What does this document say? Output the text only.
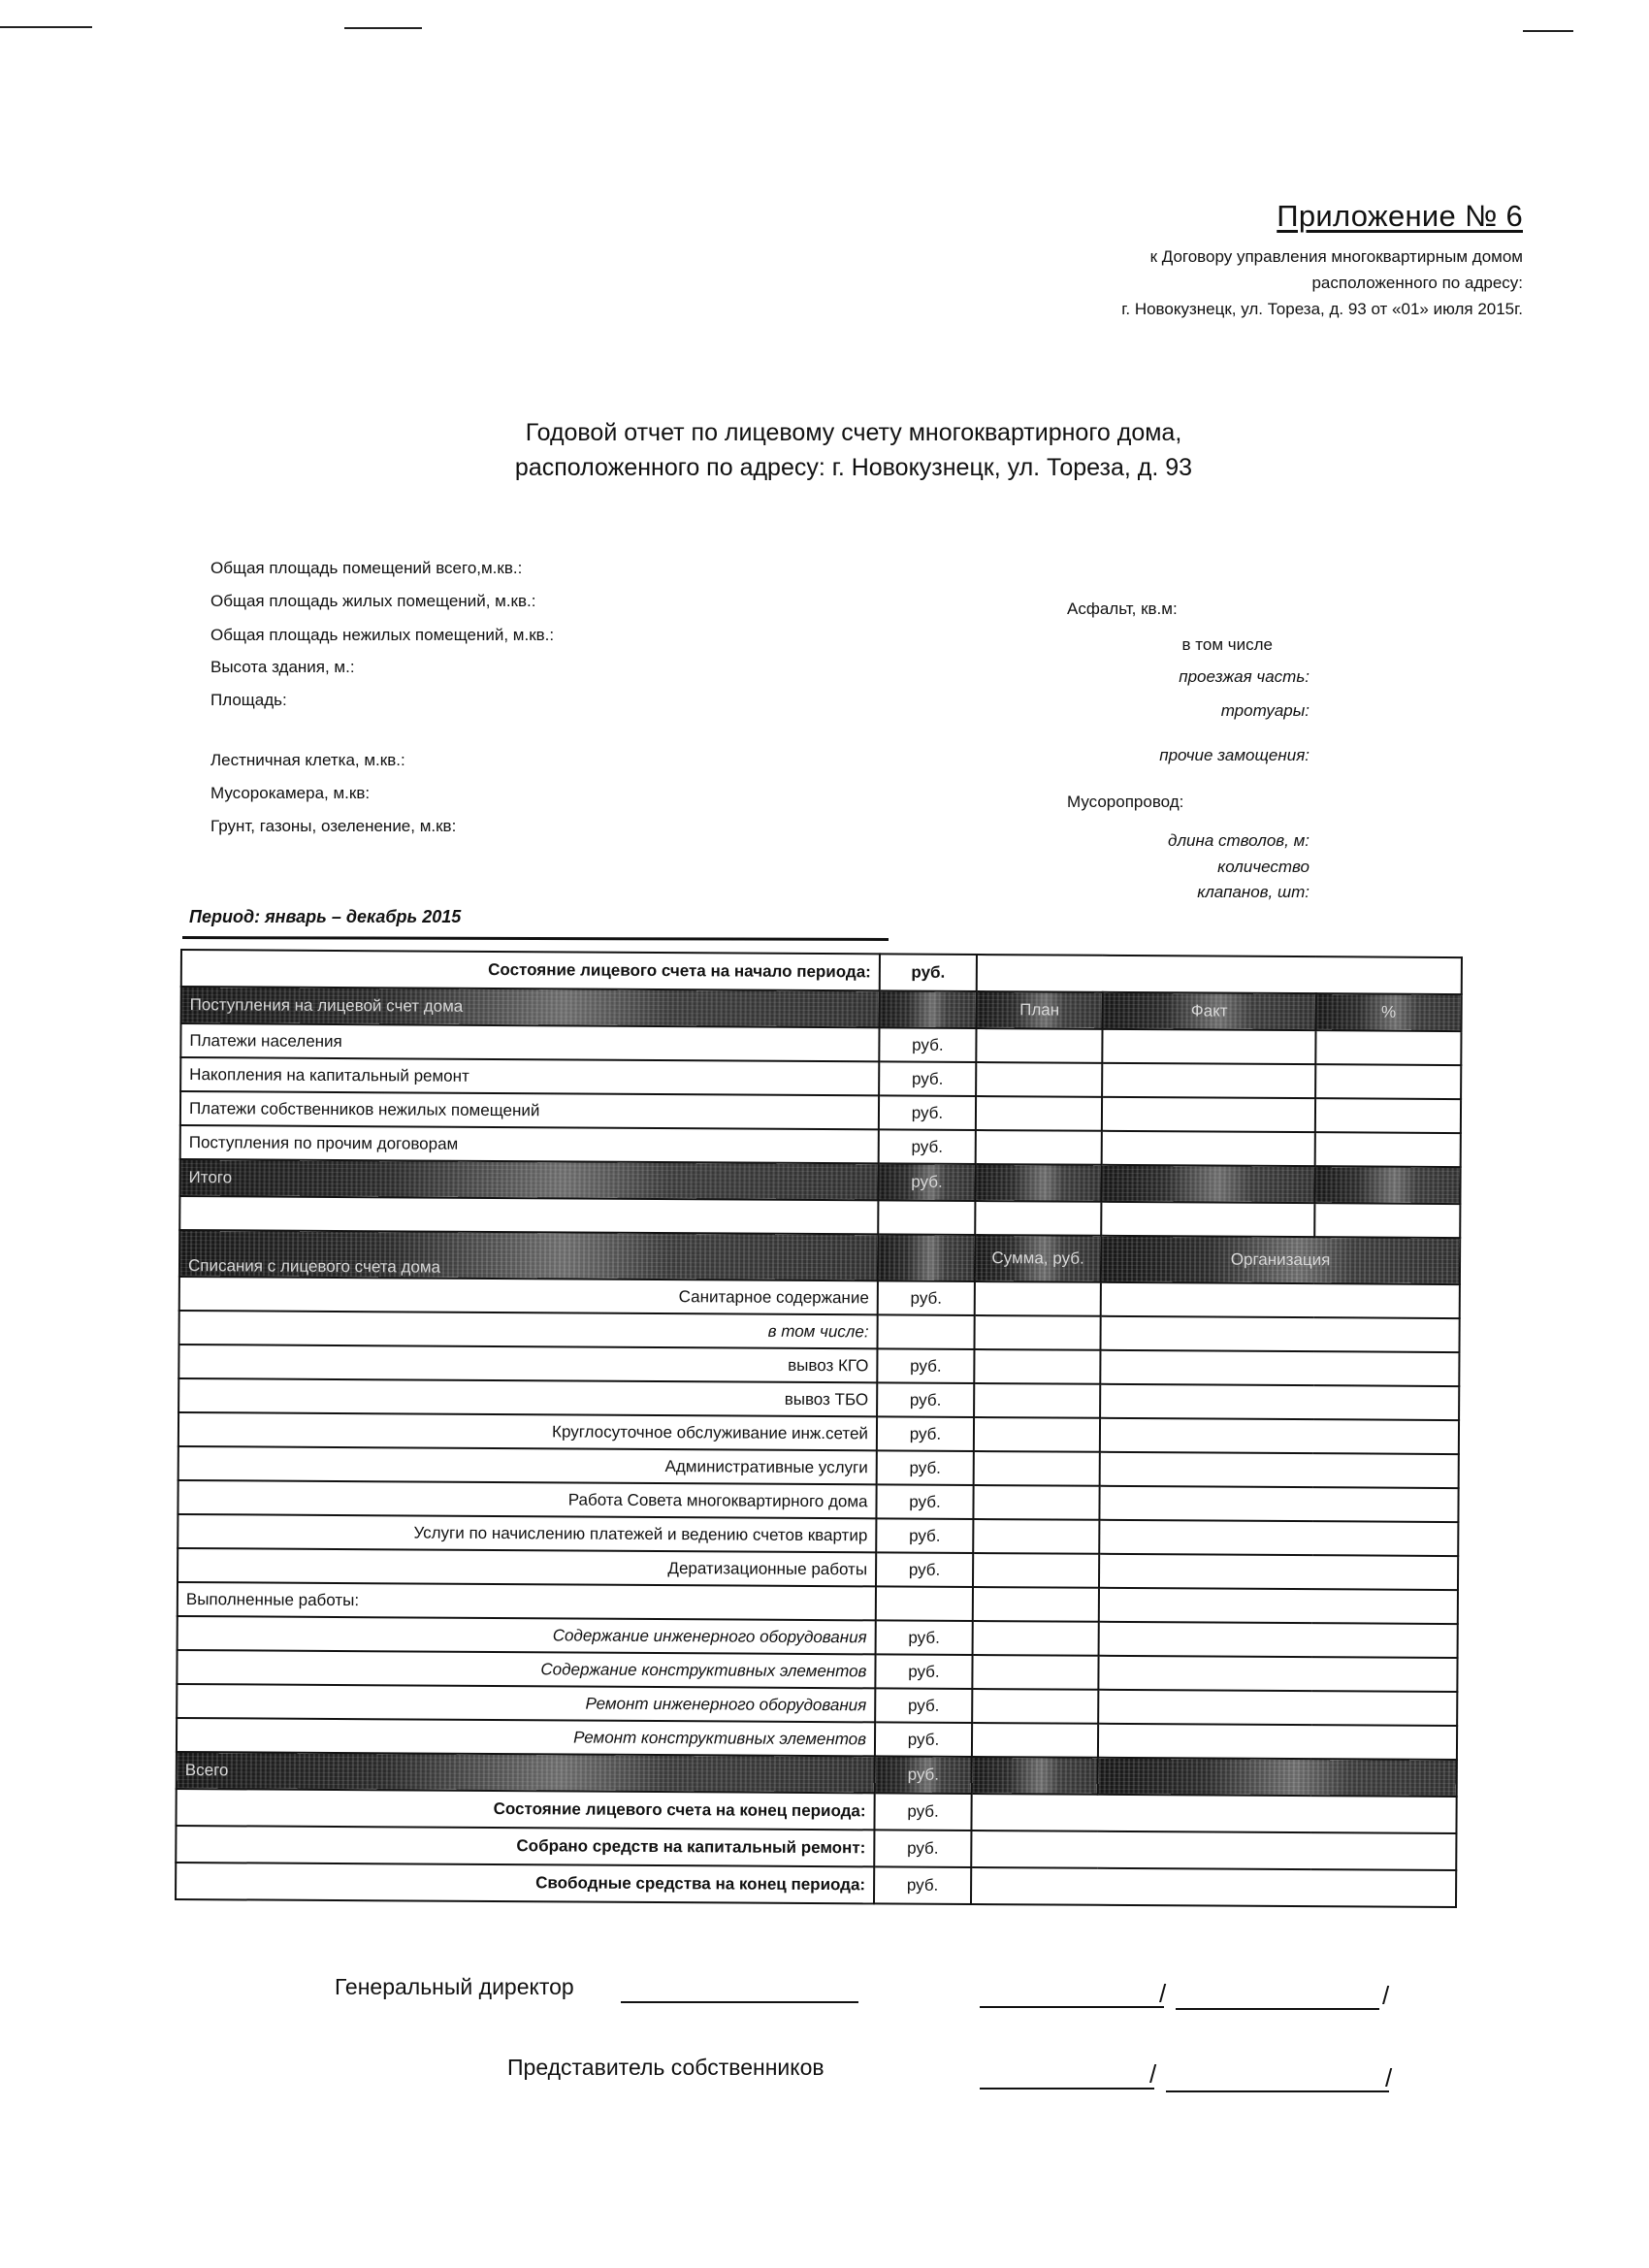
Приложение № 6
к Договору управления многоквартирным домом
расположенного по адресу:
г. Новокузнецк, ул. Тореза, д. 93 от «01» июля 2015г.
Годовой отчет по лицевому счету многоквартирного дома,
расположенного по адресу: г. Новокузнецк, ул. Тореза, д. 93
Общая площадь помещений всего,м.кв.:
Общая площадь жилых помещений, м.кв.:
Общая площадь нежилых помещений, м.кв.:
Высота здания, м.:
Площадь:
Лестничная клетка, м.кв.:
Мусорокамера, м.кв:
Грунт, газоны, озеленение, м.кв:
Асфальт, кв.м:
в том числе
проезжая часть:
тротуары:
прочие замощения:
Мусоропровод:
длина стволов, м:
количество
клапанов, шт:
Период: январь – декабрь 2015
Состояние лицевого счета на начало периода:	руб.			
Поступления на лицевой счет дома		План	Факт	%
Платежи населения	руб.			
Накопления на капитальный ремонт	руб.			
Платежи собственников нежилых помещений	руб.			
Поступления по прочим договорам	руб.			
Итого	руб.			

Списания с лицевого счета дома		Сумма, руб.	Организация	
Санитарное содержание	руб.			
в том числе:				
вывоз КГО	руб.			
вывоз ТБО	руб.			
Круглосуточное обслуживание инж.сетей	руб.			
Административные услуги	руб.			
Работа Совета многоквартирного дома	руб.			
Услуги по начислению платежей и ведению счетов квартир	руб.			
Дератизационные работы	руб.			
Выполненные работы:				
Содержание инженерного оборудования	руб.			
Содержание конструктивных элементов	руб.			
Ремонт инженерного оборудования	руб.			
Ремонт конструктивных элементов	руб.			
Всего	руб.			
Состояние лицевого счета на конец периода:	руб.			
Собрано средств на капитальный ремонт:	руб.			
Свободные средства на конец периода:	руб.			
Генеральный директор	/	/
Представитель собственников	/	/
